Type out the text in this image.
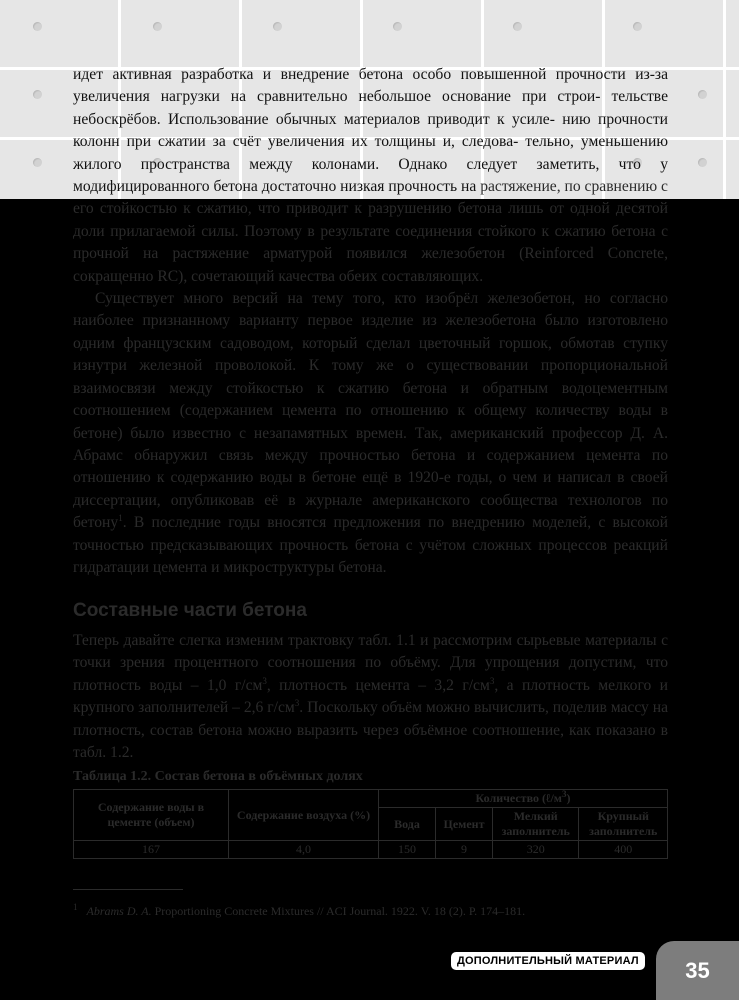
идет активная разработка и внедрение бетона особо повышенной прочности из-за увеличения нагрузки на сравнительно небольшое основание при строи- тельстве небоскрёбов. Использование обычных материалов приводит к усиле- нию прочности колонн при сжатии за счёт увеличения их толщины и, следова- тельно, уменьшению жилого пространства между колонами. Однако следует заметить, что у модифицированного бетона достаточно низкая прочность на растяжение, по сравнению с его стойкостью к сжатию, что приводит к разрушению бетона лишь от одной десятой доли прилагаемой силы. Поэтому в результате соединения стойкого к сжатию бетона с прочной на растяжение арматурой появился железобетон (Reinforced Concrete, сокращенно RC), сочетающий качества обеих составляющих.

Существует много версий на тему того, кто изобрёл железобетон, но согласно наиболее признанному варианту первое изделие из железобетона было изготовлено одним французским садоводом, который сделал цветочный горшок, обмотав ступку изнутри железной проволокой. К тому же о существовании пропорциональной взаимосвязи между стойкостью к сжатию бетона и обратным водоцементным соотношением (содержанием цемента по отношению к общему количеству воды в бетоне) было известно с незапамятных времен. Так, американский профессор Д. А. Абрамс обнаружил связь между прочностью бетона и содержанием цемента по отношению к содержанию воды в бетоне ещё в 1920-е годы, о чем и написал в своей диссертации, опубликовав её в журнале американского сообщества технологов по бетону$^1$. В последние годы вносятся предложения по внедрению моделей, с высокой точностью предсказывающих прочность бетона с учётом сложных процессов реакций гидратации цемента и микроструктуры бетона.

Составные части бетона

Теперь давайте слегка изменим трактовку табл. 1.1 и рассмотрим сырьевые материалы с точки зрения процентного соотношения по объёму. Для упрощения допустим, что плотность воды – 1,0 $г/см^3$, плотность цемента – 3,2 $г/см^3$, а плотность мелкого и крупного заполнителей – 2,6 $г/см^3$. Поскольку объём можно вычислить, поделив массу на плотность, состав бетона можно выразить через объёмное соотношение, как показано в табл. 1.2.

Таблица 1.2. Состав бетона в объёмных долях

Содержание воды в цементе (объем)	Содержание воздуха (%)	Количество $(\ell/м^3)$			
		Вода	Цемент	Мелкий заполнитель	Крупный заполнитель
167	4,0	150	9	320	400

$^1$ Abrams D. A. Proportioning Concrete Mixtures // ACI Journal. 1922. V. 18 (2). P. 174–181.

ДОПОЛНИТЕЛЬНЫЙ МАТЕРИАЛ	35
